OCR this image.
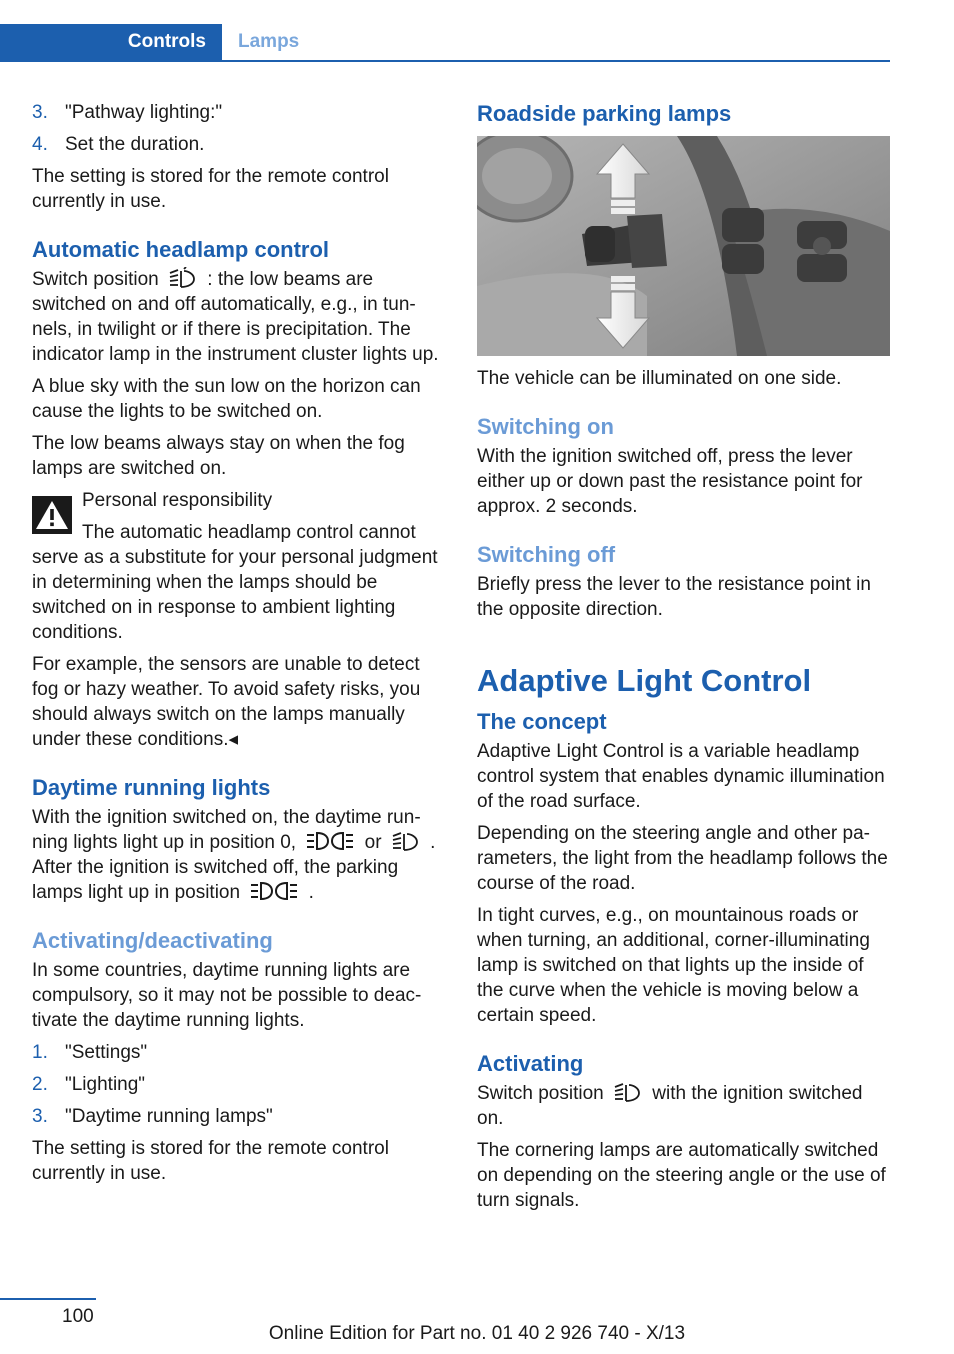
Controls	Lamps
3. "Pathway lighting:"
4. Set the duration.

The setting is stored for the remote control currently in use.

Automatic headlamp control

Switch position	: the low beams are switched on and off automatically, e.g., in tunnels, in twilight or if there is precipitation. The indicator lamp in the instrument cluster lights up.

A blue sky with the sun low on the horizon can cause the lights to be switched on.

The low beams always stay on when the fog lamps are switched on.

Personal responsibility

The automatic headlamp control cannot serve as a substitute for your personal judgment in determining when the lamps should be switched on in response to ambient lighting conditions.

For example, the sensors are unable to detect fog or hazy weather. To avoid safety risks, you should always switch on the lamps manually under these conditions.◂

Daytime running lights

With the ignition switched on, the daytime running lights light up in position 0,	or	. After the ignition is switched off, the parking lamps light up in position	.

Activating/deactivating

In some countries, daytime running lights are compulsory, so it may not be possible to deactivate the daytime running lights.

1. "Settings"
2. "Lighting"
3. "Daytime running lamps"

The setting is stored for the remote control currently in use.

Roadside parking lamps

The vehicle can be illuminated on one side.

Switching on

With the ignition switched off, press the lever either up or down past the resistance point for approx. 2 seconds.

Switching off

Briefly press the lever to the resistance point in the opposite direction.

Adaptive Light Control
The concept

Adaptive Light Control is a variable headlamp control system that enables dynamic illumination of the road surface.

Depending on the steering angle and other parameters, the light from the headlamp follows the course of the road.

In tight curves, e.g., on mountainous roads or when turning, an additional, corner-illuminating lamp is switched on that lights up the inside of the curve when the vehicle is moving below a certain speed.

Activating

Switch position	with the ignition switched on.

The cornering lamps are automatically switched on depending on the steering angle or the use of turn signals.

100
Online Edition for Part no. 01 40 2 926 740 - X/13
